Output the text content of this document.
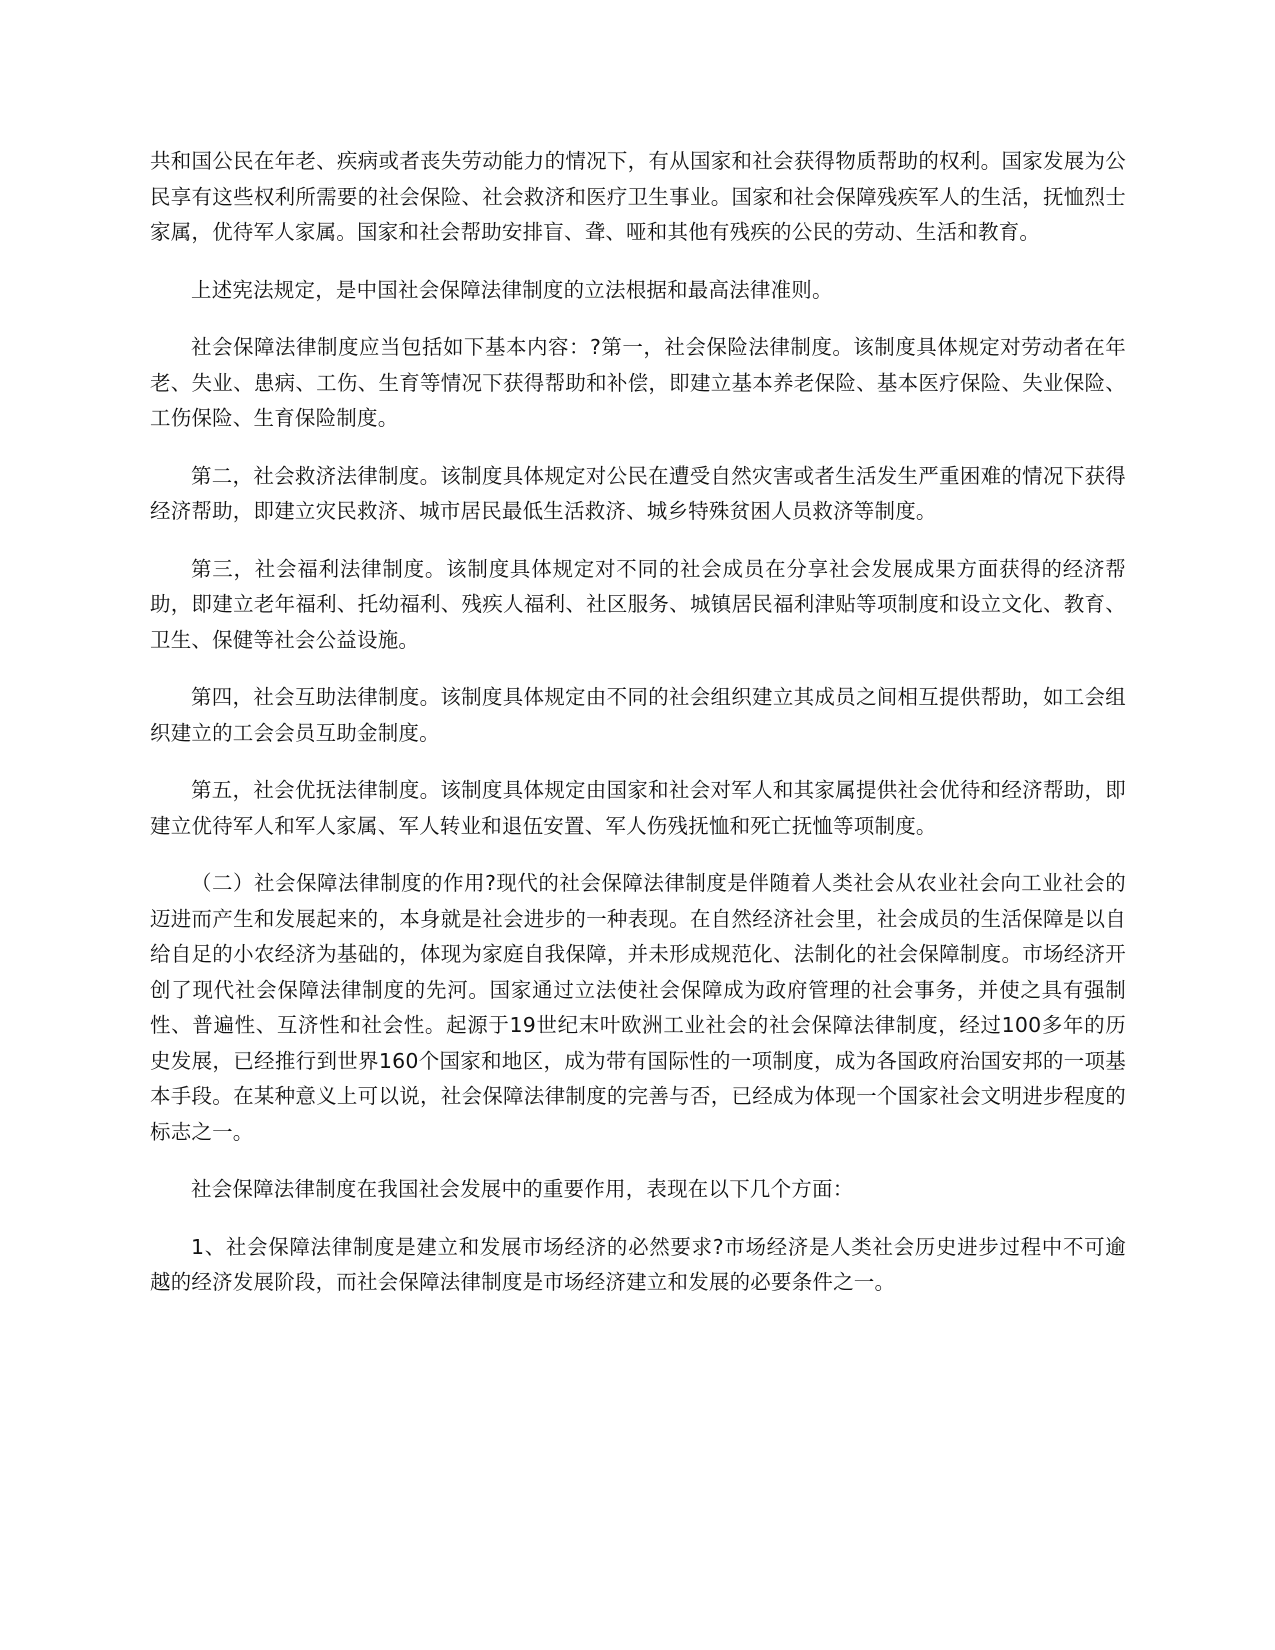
共和国公民在年老、疾病或者丧失劳动能力的情况下，有从国家和社会获得物质帮助的权利。国家发展为公民享有这些权利所需要的社会保险、社会救济和医疗卫生事业。国家和社会保障残疾军人的生活，抚恤烈士家属，优待军人家属。国家和社会帮助安排盲、聋、哑和其他有残疾的公民的劳动、生活和教育。

上述宪法规定，是中国社会保障法律制度的立法根据和最高法律准则。

社会保障法律制度应当包括如下基本内容：?第一，社会保险法律制度。该制度具体规定对劳动者在年老、失业、患病、工伤、生育等情况下获得帮助和补偿，即建立基本养老保险、基本医疗保险、失业保险、工伤保险、生育保险制度。

第二，社会救济法律制度。该制度具体规定对公民在遭受自然灾害或者生活发生严重困难的情况下获得经济帮助，即建立灾民救济、城市居民最低生活救济、城乡特殊贫困人员救济等制度。

第三，社会福利法律制度。该制度具体规定对不同的社会成员在分享社会发展成果方面获得的经济帮助，即建立老年福利、托幼福利、残疾人福利、社区服务、城镇居民福利津贴等项制度和设立文化、教育、卫生、保健等社会公益设施。

第四，社会互助法律制度。该制度具体规定由不同的社会组织建立其成员之间相互提供帮助，如工会组织建立的工会会员互助金制度。

第五，社会优抚法律制度。该制度具体规定由国家和社会对军人和其家属提供社会优待和经济帮助，即建立优待军人和军人家属、军人转业和退伍安置、军人伤残抚恤和死亡抚恤等项制度。

（二）社会保障法律制度的作用?现代的社会保障法律制度是伴随着人类社会从农业社会向工业社会的迈进而产生和发展起来的，本身就是社会进步的一种表现。在自然经济社会里，社会成员的生活保障是以自给自足的小农经济为基础的，体现为家庭自我保障，并未形成规范化、法制化的社会保障制度。市场经济开创了现代社会保障法律制度的先河。国家通过立法使社会保障成为政府管理的社会事务，并使之具有强制性、普遍性、互济性和社会性。起源于19世纪末叶欧洲工业社会的社会保障法律制度，经过100多年的历史发展，已经推行到世界160个国家和地区，成为带有国际性的一项制度，成为各国政府治国安邦的一项基本手段。在某种意义上可以说，社会保障法律制度的完善与否，已经成为体现一个国家社会文明进步程度的标志之一。

社会保障法律制度在我国社会发展中的重要作用，表现在以下几个方面：

1、社会保障法律制度是建立和发展市场经济的必然要求?市场经济是人类社会历史进步过程中不可逾越的经济发展阶段，而社会保障法律制度是市场经济建立和发展的必要条件之一。
